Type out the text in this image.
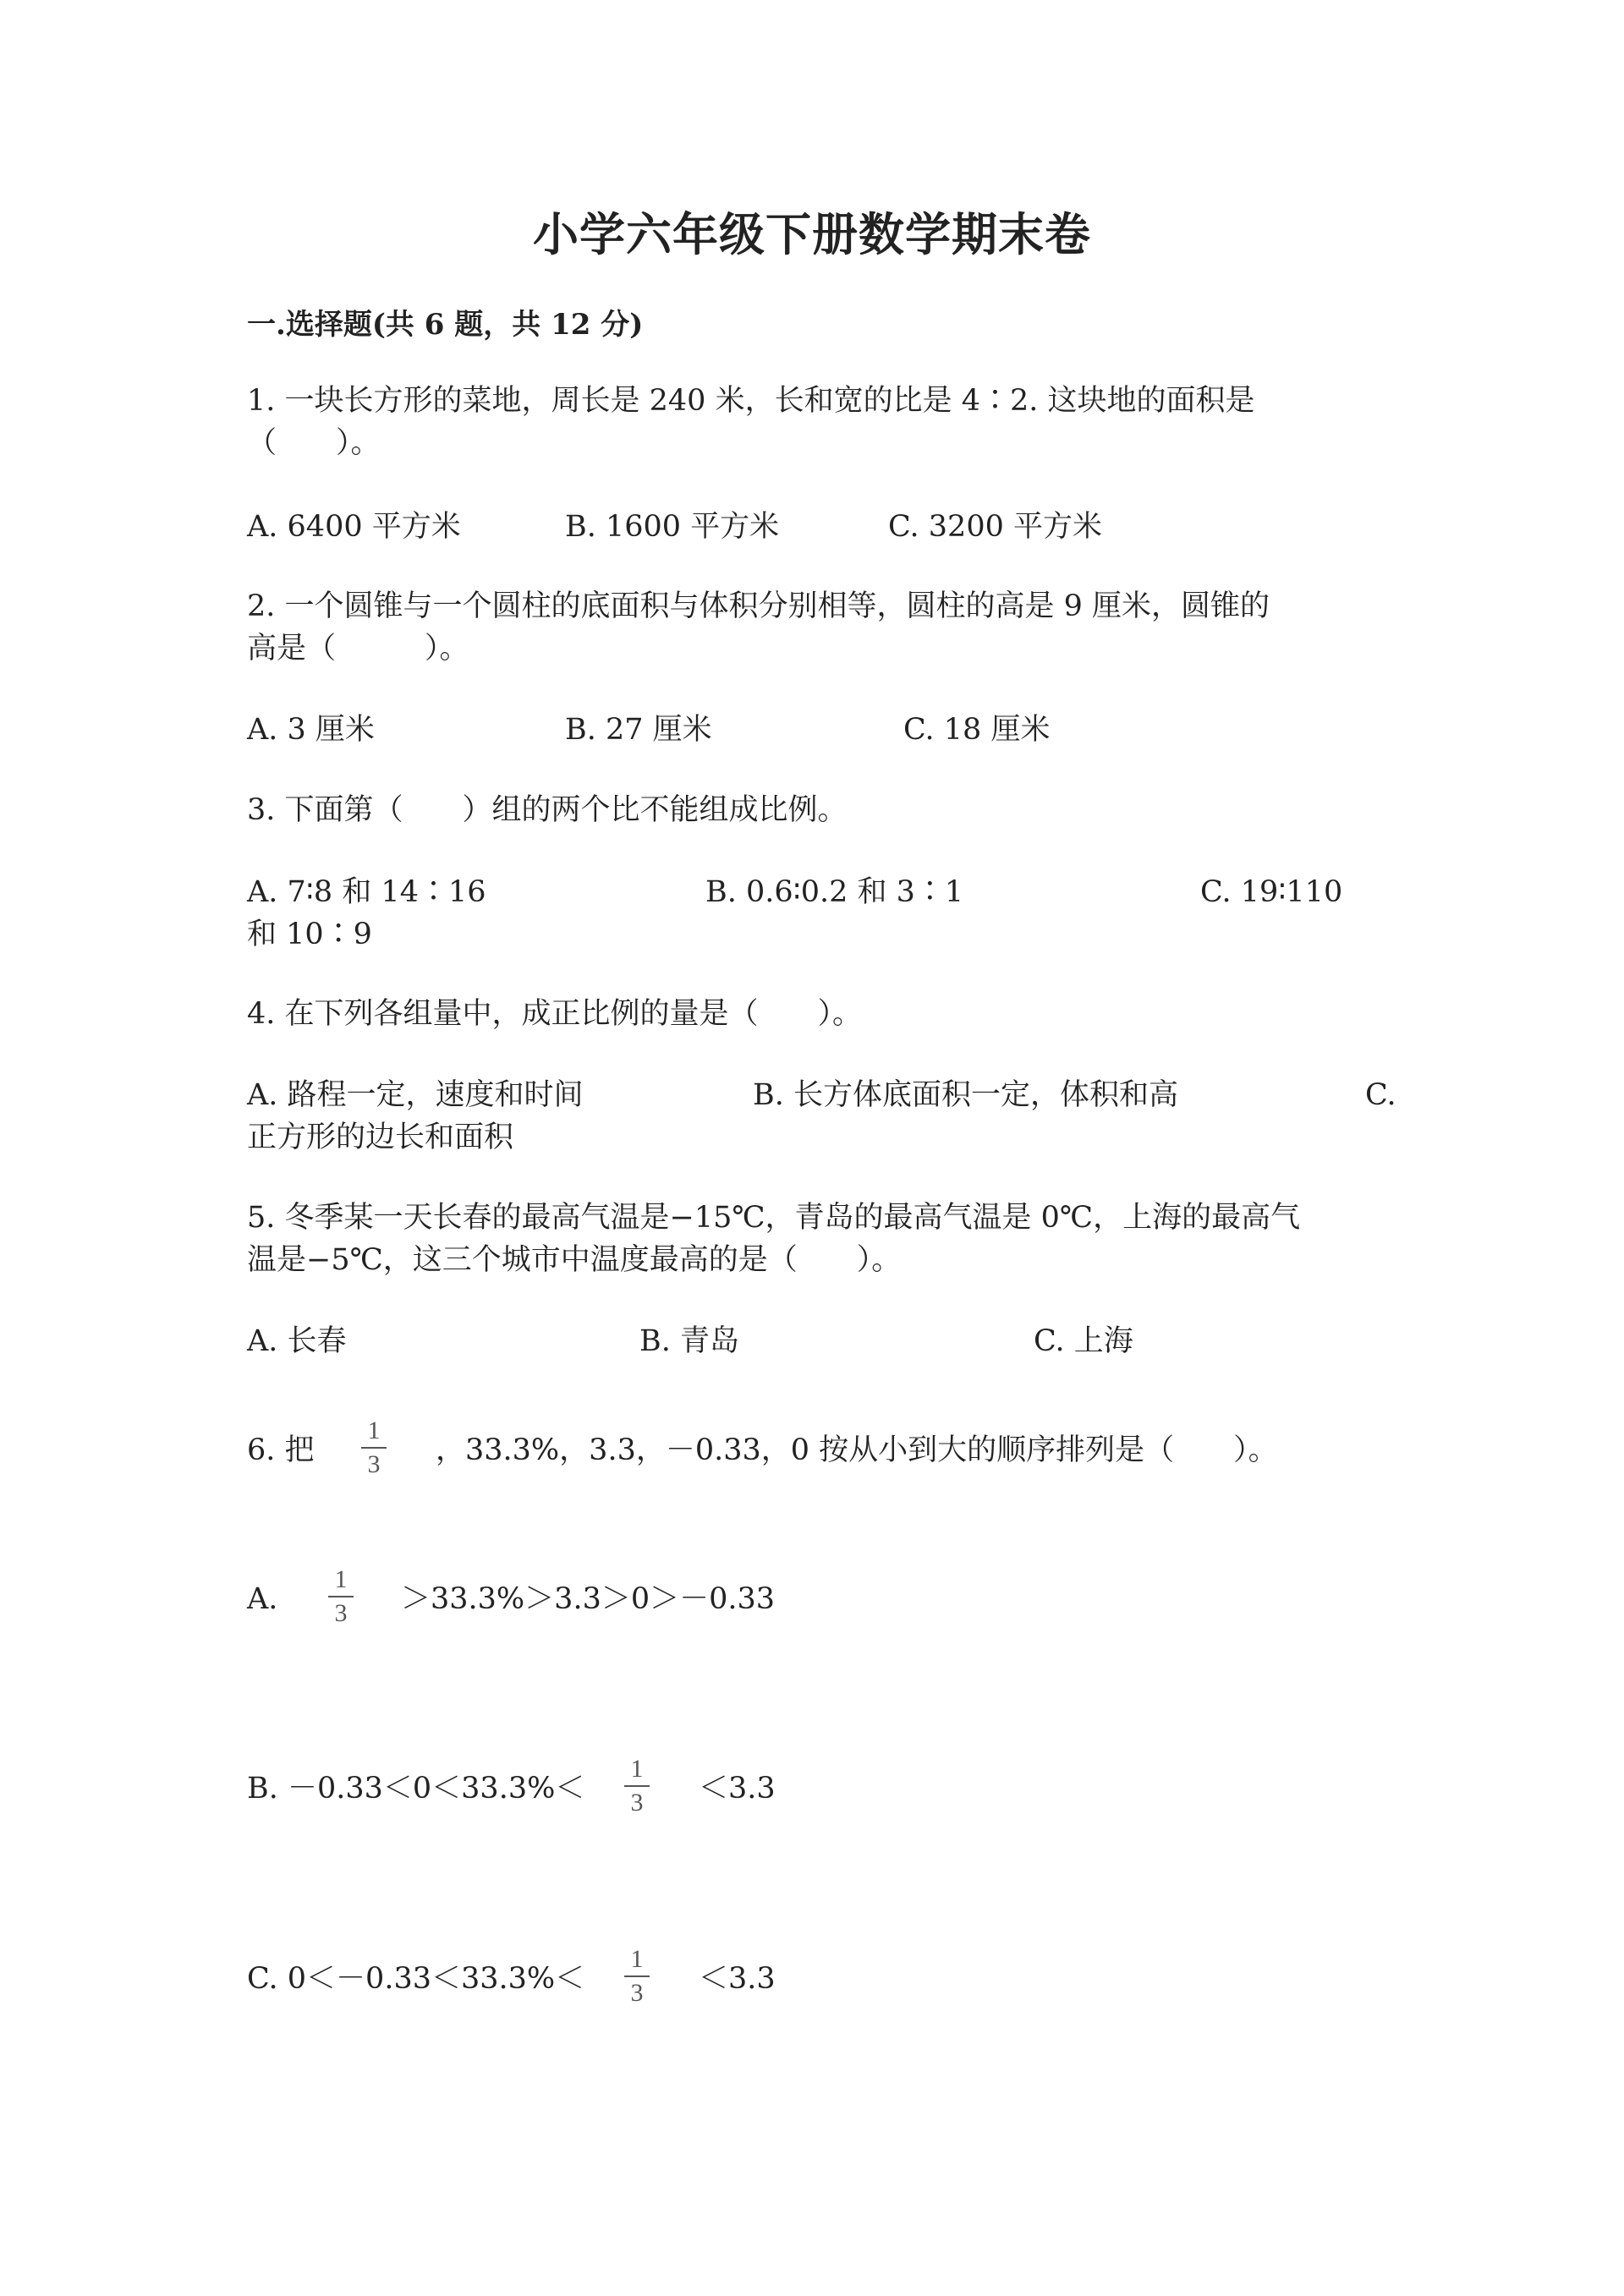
小学六年级下册数学期末卷
一.选择题(共 6 题，共 12 分)
1. 一块长方形的菜地，周长是 240 米，长和宽的比是 4∶2. 这块地的面积是
（　　）。
A. 6400 平方米	B. 1600 平方米	C. 3200 平方米
2. 一个圆锥与一个圆柱的底面积与体积分别相等，圆柱的高是 9 厘米，圆锥的
高是（　　　）。
A. 3 厘米	B. 27 厘米	C. 18 厘米
3. 下面第（　　）组的两个比不能组成比例。
A. 7∶8 和 14∶16	B. 0.6∶0.2 和 3∶1	C. 19∶110
和 10∶9
4. 在下列各组量中，成正比例的量是（　　）。
A. 路程一定，速度和时间	B. 长方体底面积一定，体积和高	C.
正方形的边长和面积
5. 冬季某一天长春的最高气温是−15℃，青岛的最高气温是 0℃，上海的最高气
温是−5℃，这三个城市中温度最高的是（　　）。
A. 长春	B. 青岛	C. 上海
6. 把
1
3 ，33.3%，3.3，－0.33，0 按从小到大的顺序排列是（　　）。
A.
1
3 ＞33.3%＞3.3＞0＞－0.33
B. －0.33＜0＜33.3%＜
1
3 ＜3.3
C. 0＜－0.33＜33.3%＜
1
3 ＜3.3
